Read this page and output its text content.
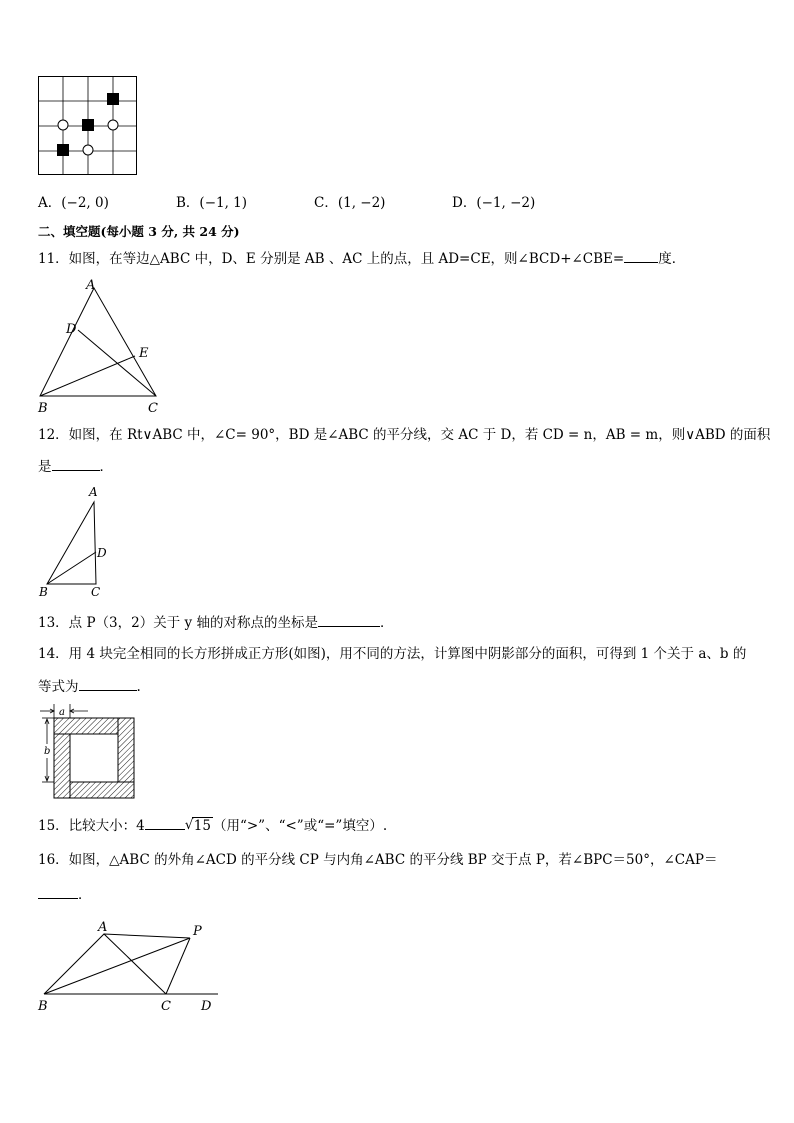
A．(−2, 0)	B．(−1, 1)	C．(1, −2)	D．(−1, −2)
二、填空题(每小题 3 分, 共 24 分)
11．如图，在等边△ABC 中，D、E 分别是 AB 、AC 上的点，且 AD=CE，则∠BCD+∠CBE=	度．
A
D
E
B	C
12．如图，在 Rt∨ABC 中，∠C= 90°，BD 是∠ABC 的平分线，交 AC 于 D，若 CD = n，AB = m，则∨ABD 的面积
是	．
A
D
B	C
13．点 P（3，2）关于 y 轴的对称点的坐标是	．
14．用 4 块完全相同的长方形拼成正方形(如图)，用不同的方法，计算图中阴影部分的面积，可得到 1 个关于 a、b 的
等式为	.
a
b
15．比较大小：4	√ 15 （用“>”、“<”或“=”填空）.
16．如图，△ABC 的外角∠ACD 的平分线 CP 与内角∠ABC 的平分线 BP 交于点 P，若∠BPC＝50°，∠CAP＝
．
A	P
B	C D
